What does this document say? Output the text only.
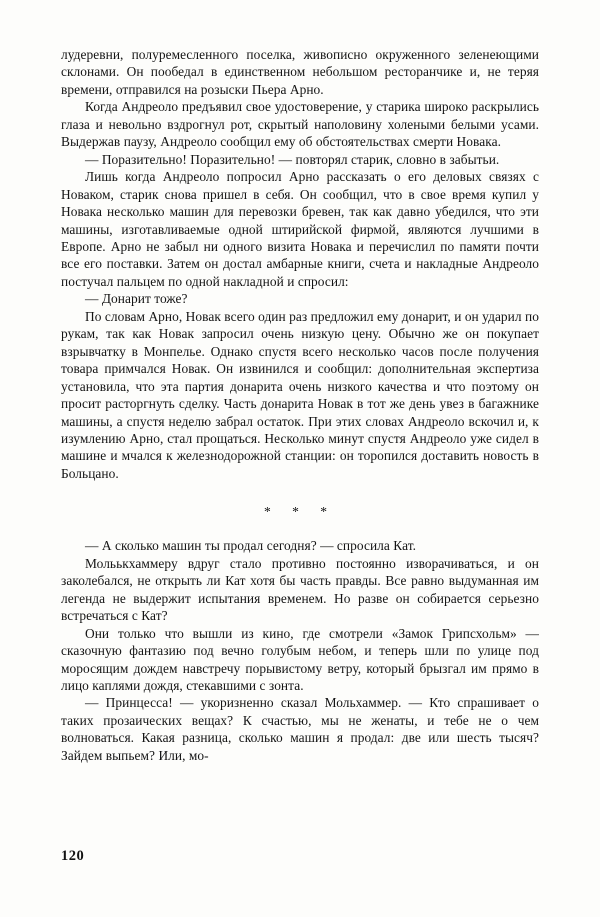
лудеревни, полуремесленного поселка, живописно окруженного зеленеющими склонами. Он пообедал в единственном небольшом ресторанчике и, не теряя времени, отправился на розыски Пьера Арно.

Когда Андреоло предъявил свое удостоверение, у старика широко раскрылись глаза и невольно вздрогнул рот, скрытый наполовину холеными белыми усами. Выдержав паузу, Андреоло сообщил ему об обстоятельствах смерти Новака.

— Поразительно! Поразительно! — повторял старик, словно в забытьи.

Лишь когда Андреоло попросил Арно рассказать о его деловых связях с Новаком, старик снова пришел в себя. Он сообщил, что в свое время купил у Новака несколько машин для перевозки бревен, так как давно убедился, что эти машины, изготавливаемые одной штирийской фирмой, являются лучшими в Европе. Арно не забыл ни одного визита Новака и перечислил по памяти почти все его поставки. Затем он достал амбарные книги, счета и накладные Андреоло постучал пальцем по одной накладной и спросил:

— Донарит тоже?

По словам Арно, Новак всего один раз предложил ему донарит, и он ударил по рукам, так как Новак запросил очень низкую цену. Обычно же он покупает взрывчатку в Монпелье. Однако спустя всего несколько часов после получения товара примчался Новак. Он извинился и сообщил: дополнительная экспертиза установила, что эта партия донарита очень низкого качества и что поэтому он просит расторгнуть сделку. Часть донарита Новак в тот же день увез в багажнике машины, а спустя неделю забрал остаток. При этих словах Андреоло вскочил и, к изумлению Арно, стал прощаться. Несколько минут спустя Андреоло уже сидел в машине и мчался к железнодорожной станции: он торопился доставить новость в Больцано.

* * *

— А сколько машин ты продал сегодня? — спросила Кат.

Мольькхаммеру вдруг стало противно постоянно изворачиваться, и он заколебался, не открыть ли Кат хотя бы часть правды. Все равно выдуманная им легенда не выдержит испытания временем. Но разве он собирается серьезно встречаться с Кат?

Они только что вышли из кино, где смотрели «Замок Грипсхольм» — сказочную фантазию под вечно голубым небом, и теперь шли по улице под моросящим дождем навстречу порывистому ветру, который брызгал им прямо в лицо каплями дождя, стекавшими с зонта.

— Принцесса! — укоризненно сказал Мольхаммер. — Кто спрашивает о таких прозаических вещах? К счастью, мы не женаты, и тебе не о чем волноваться. Какая разница, сколько машин я продал: две или шесть тысяч? Зайдем выпьем? Или, мо-

120
